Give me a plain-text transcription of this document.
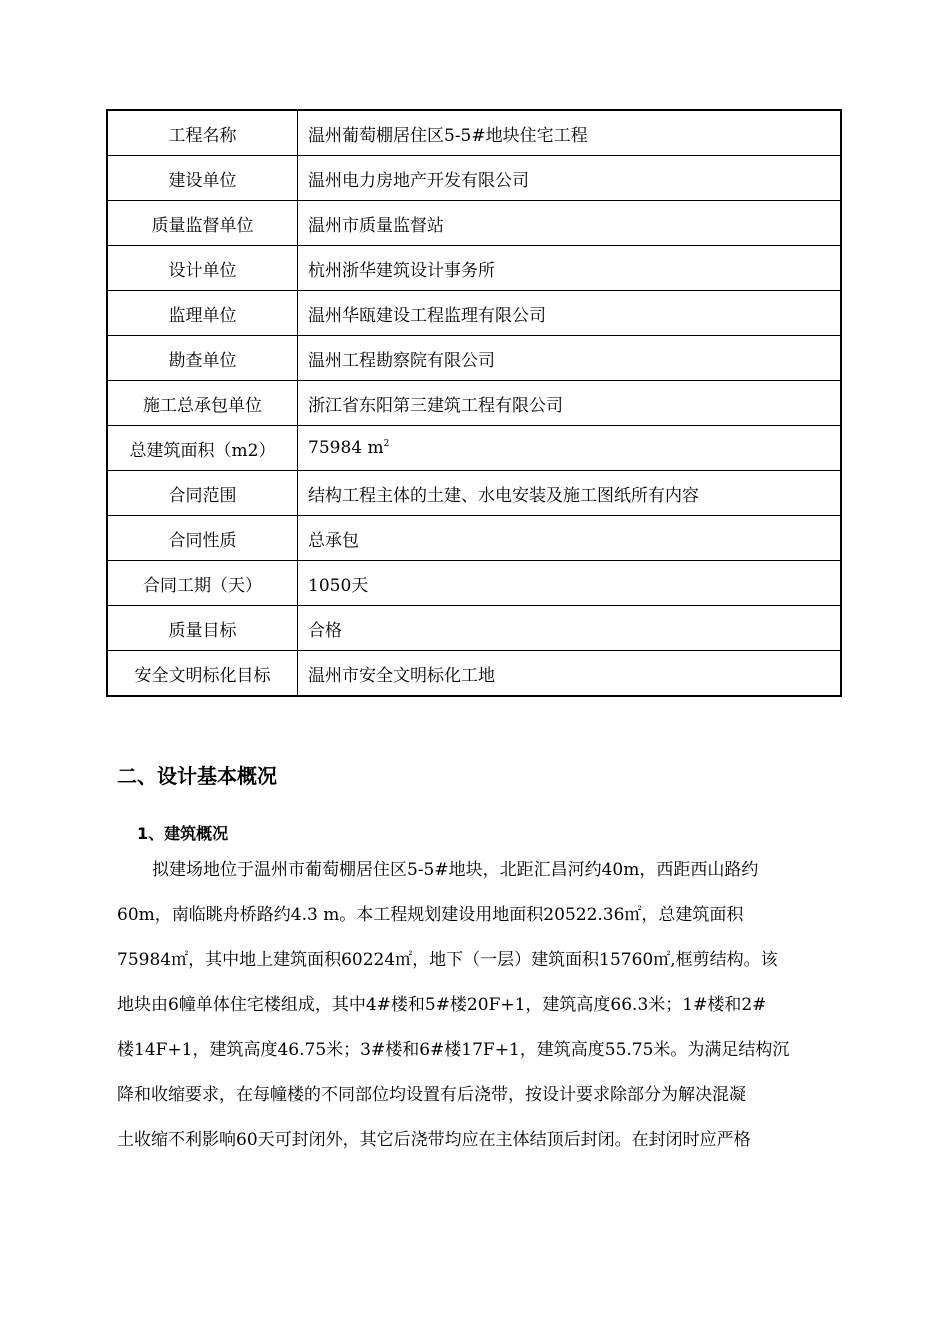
工程名称	温州葡萄棚居住区5-5#地块住宅工程
建设单位	温州电力房地产开发有限公司
质量监督单位	温州市质量监督站
设计单位	杭州浙华建筑设计事务所
监理单位	温州华瓯建设工程监理有限公司
勘查单位	温州工程勘察院有限公司
施工总承包单位	浙江省东阳第三建筑工程有限公司
总建筑面积（m2）	75984 $m^2$
合同范围	结构工程主体的土建、水电安装及施工图纸所有内容
合同性质	总承包
合同工期（天）	1050天
质量目标	合格
安全文明标化目标	温州市安全文明标化工地
二、设计基本概况
1、建筑概况

拟建场地位于温州市葡萄棚居住区5-5#地块，北距汇昌河约40m，西距西山路约
60m，南临眺舟桥路约4.3 m。本工程规划建设用地面积20522.36㎡，总建筑面积
75984㎡，其中地上建筑面积60224㎡，地下（一层）建筑面积15760㎡,框剪结构。该
地块由6幢单体住宅楼组成，其中4#楼和5#楼20F+1，建筑高度66.3米；1#楼和2#
楼14F+1，建筑高度46.75米；3#楼和6#楼17F+1，建筑高度55.75米。为满足结构沉
降和收缩要求，在每幢楼的不同部位均设置有后浇带，按设计要求除部分为解决混凝
土收缩不利影响60天可封闭外，其它后浇带均应在主体结顶后封闭。在封闭时应严格
